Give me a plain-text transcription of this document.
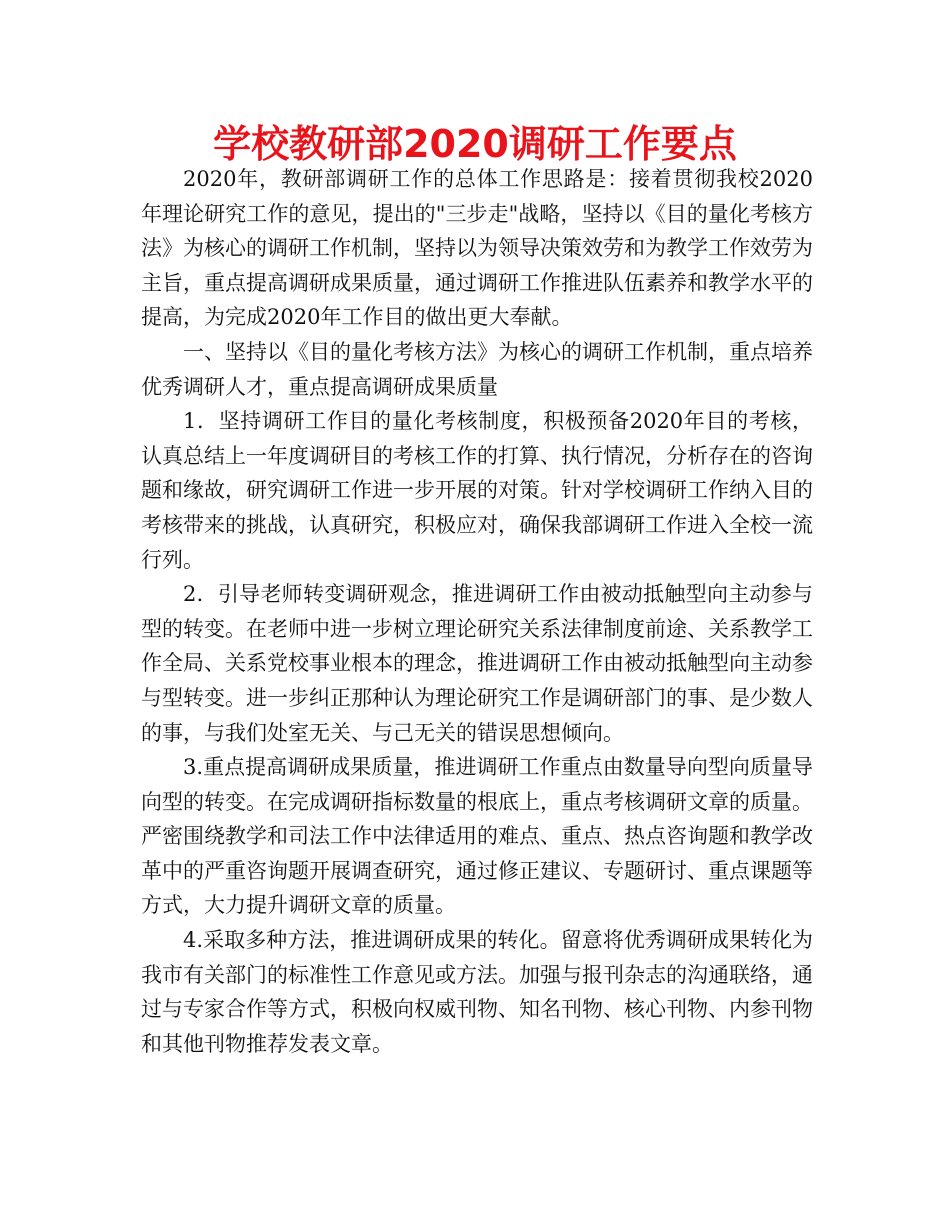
学校教研部2020调研工作要点

2020年，教研部调研工作的总体工作思路是：接着贯彻我校2020年理论研究工作的意见，提出的"三步走"战略，坚持以《目的量化考核方法》为核心的调研工作机制，坚持以为领导决策效劳和为教学工作效劳为主旨，重点提高调研成果质量，通过调研工作推进队伍素养和教学水平的提高，为完成2020年工作目的做出更大奉献。

一、坚持以《目的量化考核方法》为核心的调研工作机制，重点培养优秀调研人才，重点提高调研成果质量

1．坚持调研工作目的量化考核制度，积极预备2020年目的考核，认真总结上一年度调研目的考核工作的打算、执行情况，分析存在的咨询题和缘故，研究调研工作进一步开展的对策。针对学校调研工作纳入目的考核带来的挑战，认真研究，积极应对，确保我部调研工作进入全校一流行列。

2．引导老师转变调研观念，推进调研工作由被动抵触型向主动参与型的转变。在老师中进一步树立理论研究关系法律制度前途、关系教学工作全局、关系党校事业根本的理念，推进调研工作由被动抵触型向主动参与型转变。进一步纠正那种认为理论研究工作是调研部门的事、是少数人的事，与我们处室无关、与己无关的错误思想倾向。

3.重点提高调研成果质量，推进调研工作重点由数量导向型向质量导向型的转变。在完成调研指标数量的根底上，重点考核调研文章的质量。严密围绕教学和司法工作中法律适用的难点、重点、热点咨询题和教学改革中的严重咨询题开展调查研究，通过修正建议、专题研讨、重点课题等方式，大力提升调研文章的质量。

4.采取多种方法，推进调研成果的转化。留意将优秀调研成果转化为我市有关部门的标准性工作意见或方法。加强与报刊杂志的沟通联络，通过与专家合作等方式，积极向权威刊物、知名刊物、核心刊物、内参刊物和其他刊物推荐发表文章。
